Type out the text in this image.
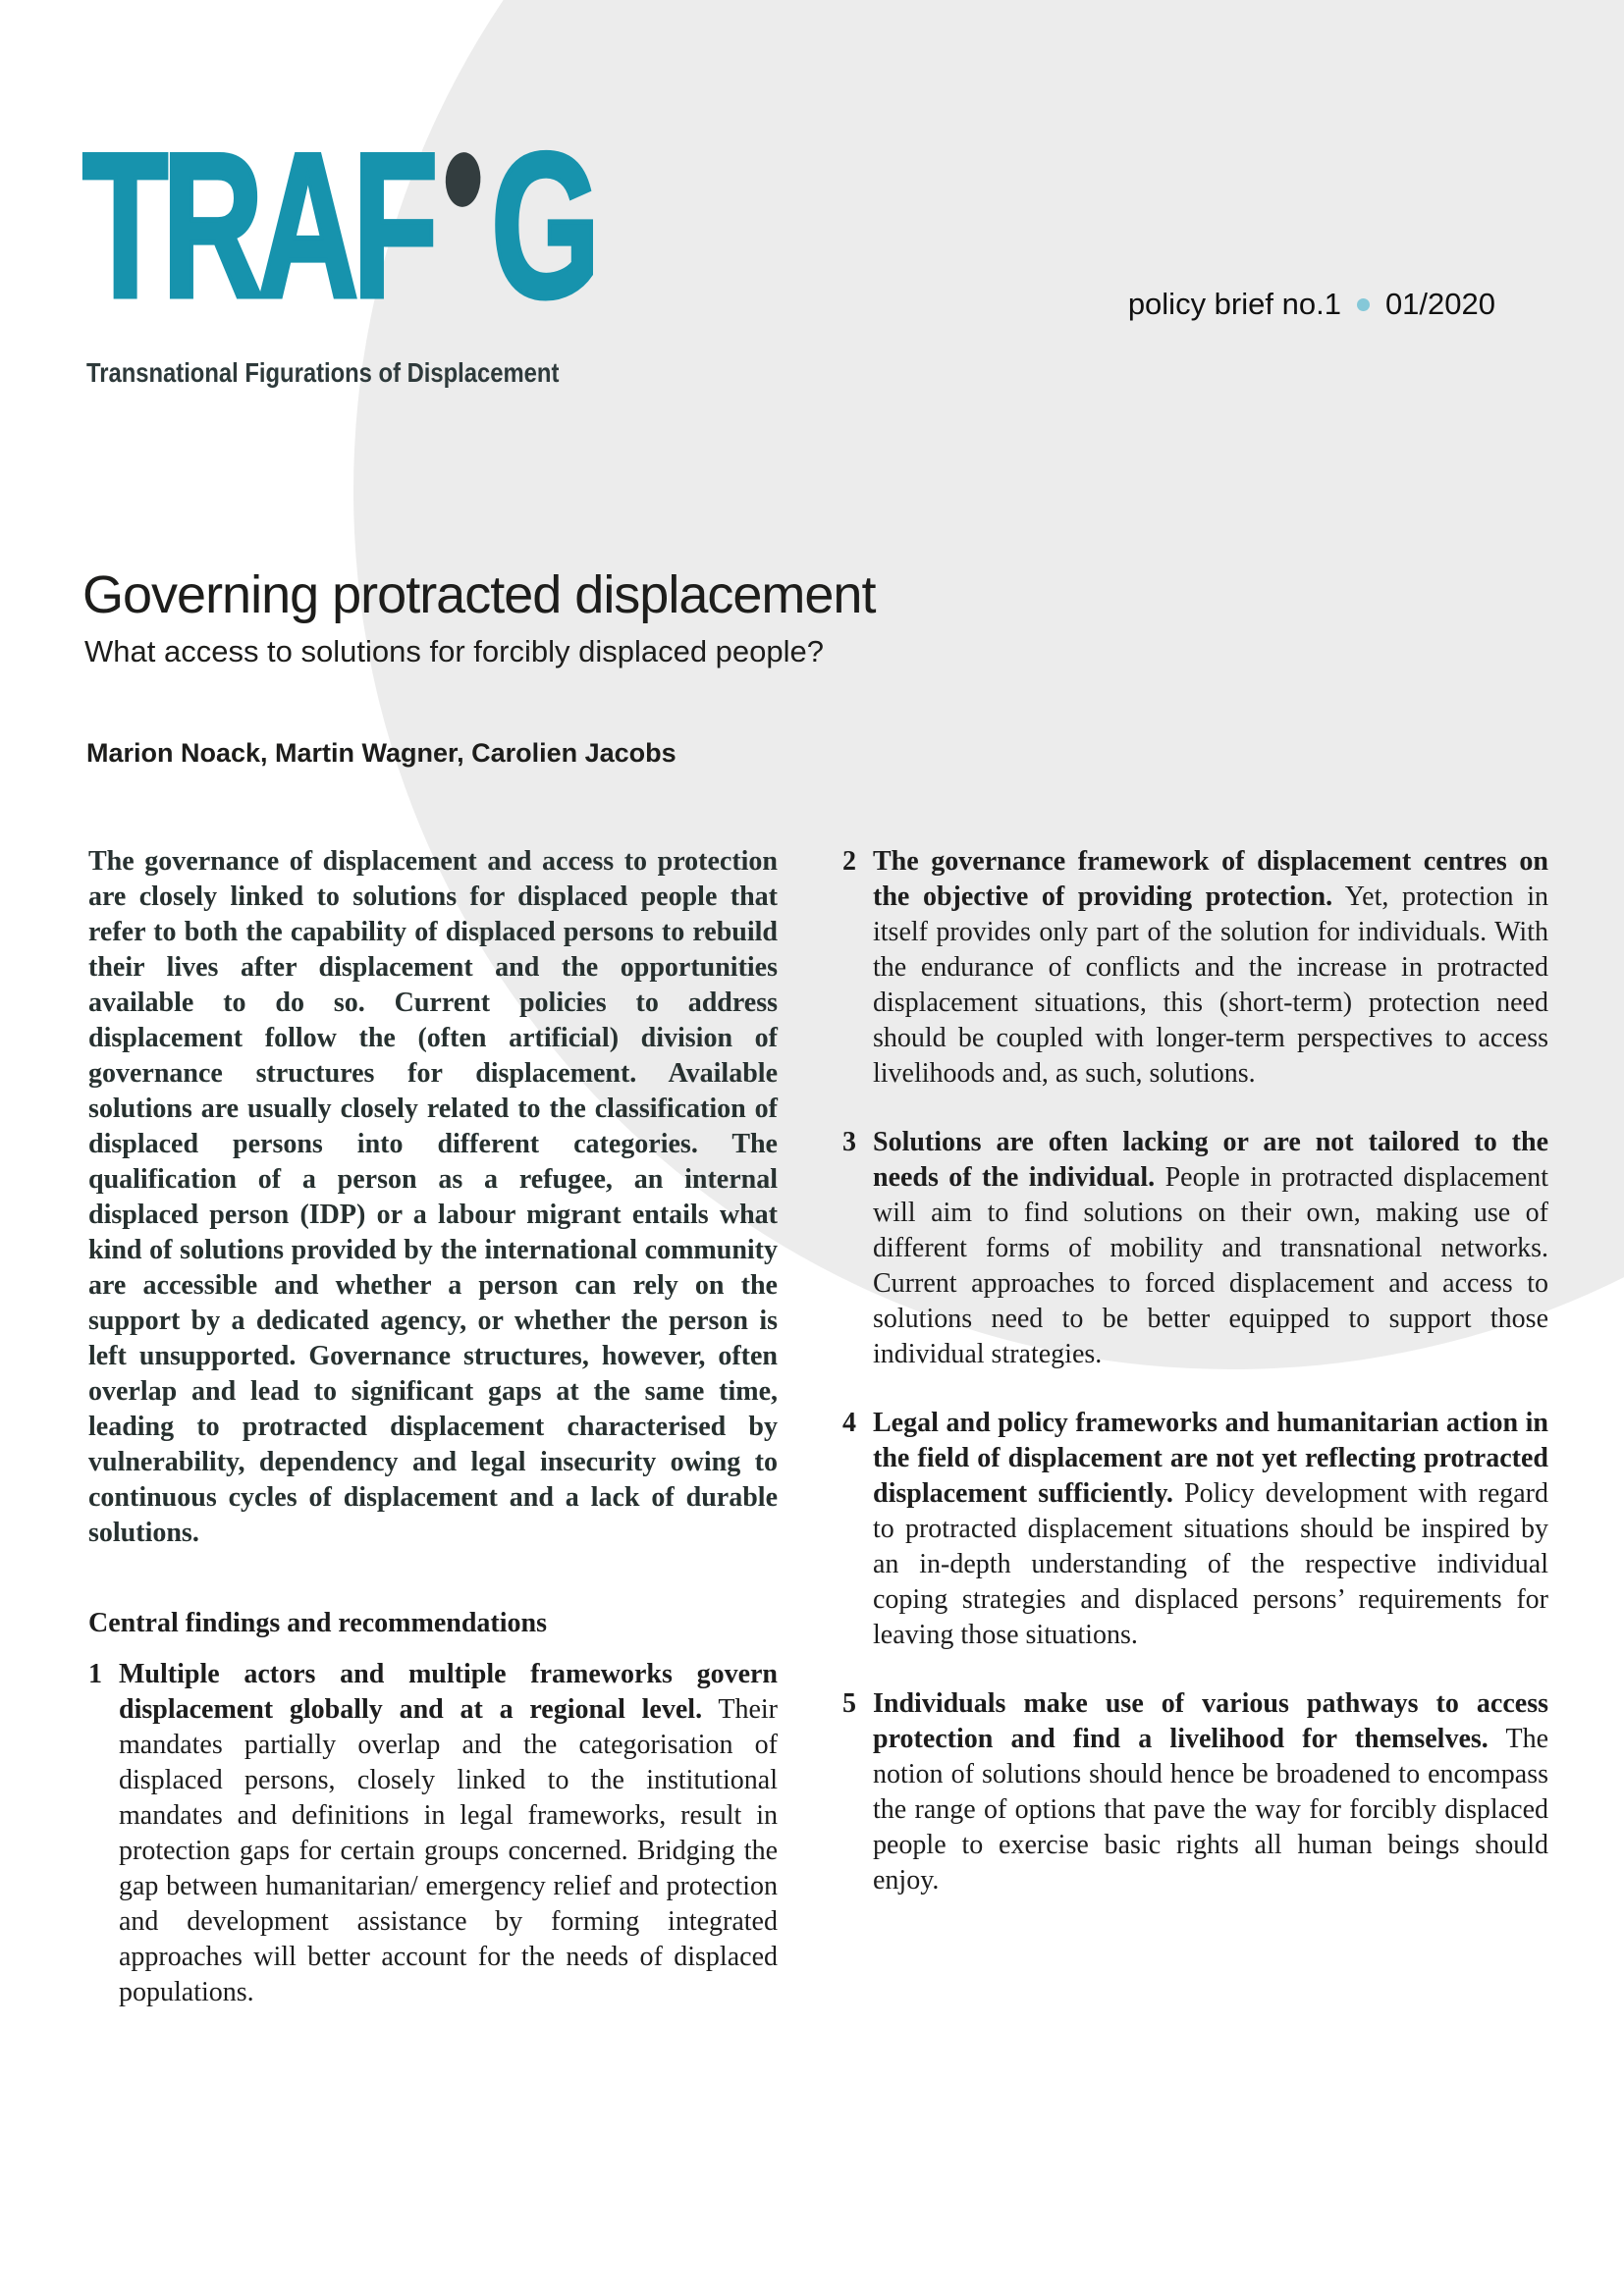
TRAF G
Transnational Figurations of Displacement
policy brief no.1 01/2020
Governing protracted displacement
What access to solutions for forcibly displaced people?
Marion Noack, Martin Wagner, Carolien Jacobs

The governance of displacement and access to protection are closely linked to solutions for displaced people that refer to both the capability of displaced persons to rebuild their lives after displacement and the opportunities available to do so. Current policies to address displacement follow the (often artificial) division of governance structures for displacement. Available solutions are usually closely related to the classification of displaced persons into different categories. The qualification of a person as a refugee, an internal displaced person (IDP) or a labour migrant entails what kind of solutions provided by the international community are accessible and whether a person can rely on the support by a dedicated agency, or whether the person is left unsupported. Governance structures, however, often overlap and lead to significant gaps at the same time, leading to protracted displacement characterised by vulnerability, dependency and legal insecurity owing to continuous cycles of displacement and a lack of durable solutions.

Central findings and recommendations
1 Multiple actors and multiple frameworks govern displacement globally and at a regional level. Their mandates partially overlap and the categorisation of displaced persons, closely linked to the institutional mandates and definitions in legal frameworks, result in protection gaps for certain groups concerned. Bridging the gap between humanitarian/ emergency relief and protection and development assistance by forming integrated approaches will better account for the needs of displaced populations.
2 The governance framework of displacement centres on the objective of providing protection. Yet, protection in itself provides only part of the solution for individuals. With the endurance of conflicts and the increase in protracted displacement situations, this (short-term) protection need should be coupled with longer-term perspectives to access livelihoods and, as such, solutions.
3 Solutions are often lacking or are not tailored to the needs of the individual. People in protracted displacement will aim to find solutions on their own, making use of different forms of mobility and transnational networks. Current approaches to forced displacement and access to solutions need to be better equipped to support those individual strategies.
4 Legal and policy frameworks and humanitarian action in the field of displacement are not yet reflecting protracted displacement sufficiently. Policy development with regard to protracted displacement situations should be inspired by an in-depth understanding of the respective individual coping strategies and displaced persons’ requirements for leaving those situations.
5 Individuals make use of various pathways to access protection and find a livelihood for themselves. The notion of solutions should hence be broadened to encompass the range of options that pave the way for forcibly displaced people to exercise basic rights all human beings should enjoy.
